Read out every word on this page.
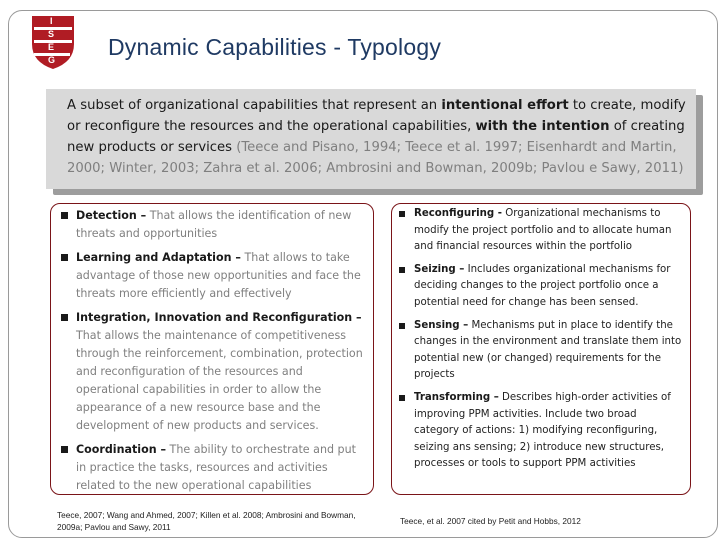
I
S
E
G Dynamic Capabilities - Typology
A subset of organizational capabilities that represent an intentional effort to create, modify or reconfigure the resources and the operational capabilities, with the intention of creating new products or services (Teece and Pisano, 1994; Teece et al. 1997; Eisenhardt and Martin, 2000; Winter, 2003; Zahra et al. 2006; Ambrosini and Bowman, 2009b; Pavlou e Sawy, 2011)
Detection – That allows the identification of new threats and opportunities
Learning and Adaptation – That allows to take advantage of those new opportunities and face the threats more efficiently and effectively
Integration, Innovation and Reconfiguration – That allows the maintenance of competitiveness through the reinforcement, combination, protection and reconfiguration of the resources and operational capabilities in order to allow the appearance of a new resource base and the development of new products and services.
Coordination – The ability to orchestrate and put in practice the tasks, resources and activities related to the new operational capabilities
Reconfiguring - Organizational mechanisms to modify the project portfolio and to allocate human and financial resources within the portfolio
Seizing – Includes organizational mechanisms for deciding changes to the project portfolio once a potential need for change has been sensed.
Sensing – Mechanisms put in place to identify the changes in the environment and translate them into potential new (or changed) requirements for the projects
Transforming – Describes high-order activities of improving PPM activities. Include two broad category of actions: 1) modifying reconfiguring, seizing ans sensing; 2) introduce new structures, processes or tools to support PPM activities
Teece, 2007; Wang and Ahmed, 2007; Killen et al. 2008; Ambrosini and Bowman, 2009a; Pavlou and Sawy, 2011
Teece, et al. 2007 cited by Petit and Hobbs, 2012
